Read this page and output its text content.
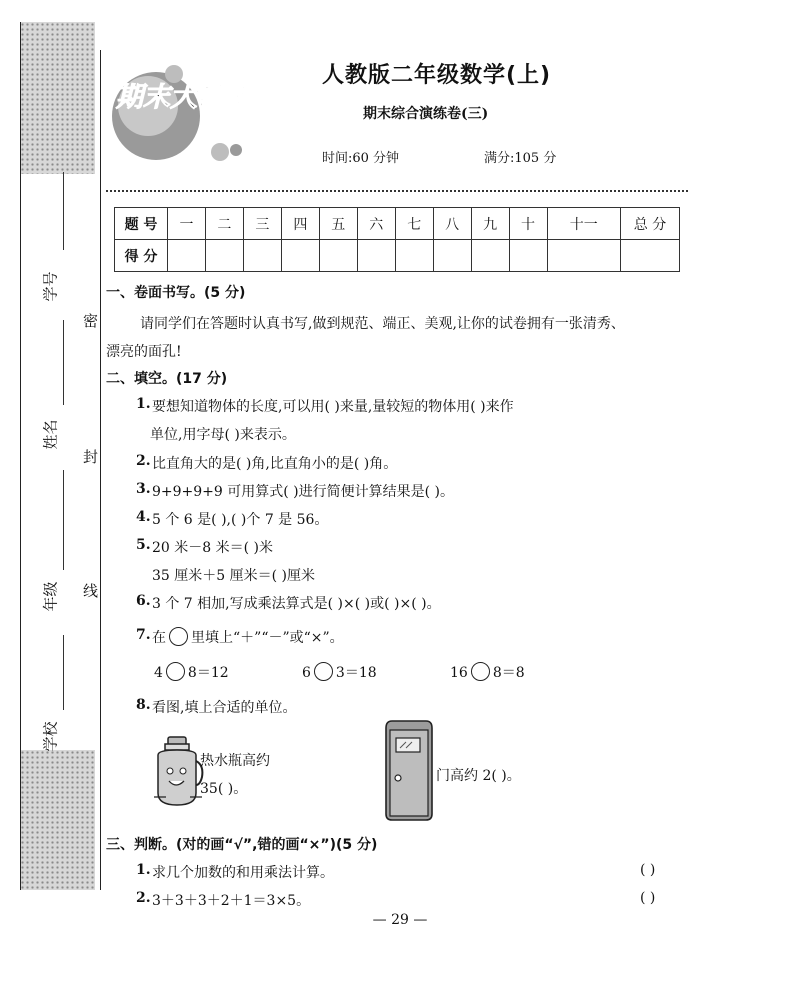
学号
姓名
年级
学校
密
封
线
期末大冲刺
人教版二年级数学(上)
期末综合演练卷(三)
时间:60 分钟	满分:105 分
题 号	一	二	三	四	五	六	七	八	九	十	十一	总 分
得 分												
一、卷面书写。(5 分)
请同学们在答题时认真书写,做到规范、端正、美观,让你的试卷拥有一张清秀、
漂亮的面孔!
二、填空。(17 分)
1. 要想知道物体的长度,可以用( )来量,量较短的物体用( )来作
单位,用字母( )来表示。
2. 比直角大的是( )角,比直角小的是( )角。
3. 9+9+9+9 可用算式( )进行简便计算结果是( )。
4. 5 个 6 是( ),( )个 7 是 56。
5. 20 米－8 米＝( )米
35 厘米＋5 厘米＝( )厘米
6. 3 个 7 相加,写成乘法算式是( )×( )或( )×( )。
7. 在 里填上“＋”“－”或“×”。
4 8＝12	6 3＝18	16 8＝8
8. 看图,填上合适的单位。
热水瓶高约
35( )。
门高约 2( )。
三、判断。(对的画“√”,错的画“×”)(5 分)
1. 求几个加数的和用乘法计算。	( )
2. 3＋3＋3＋2＋1＝3×5。	( )
— 29 —
